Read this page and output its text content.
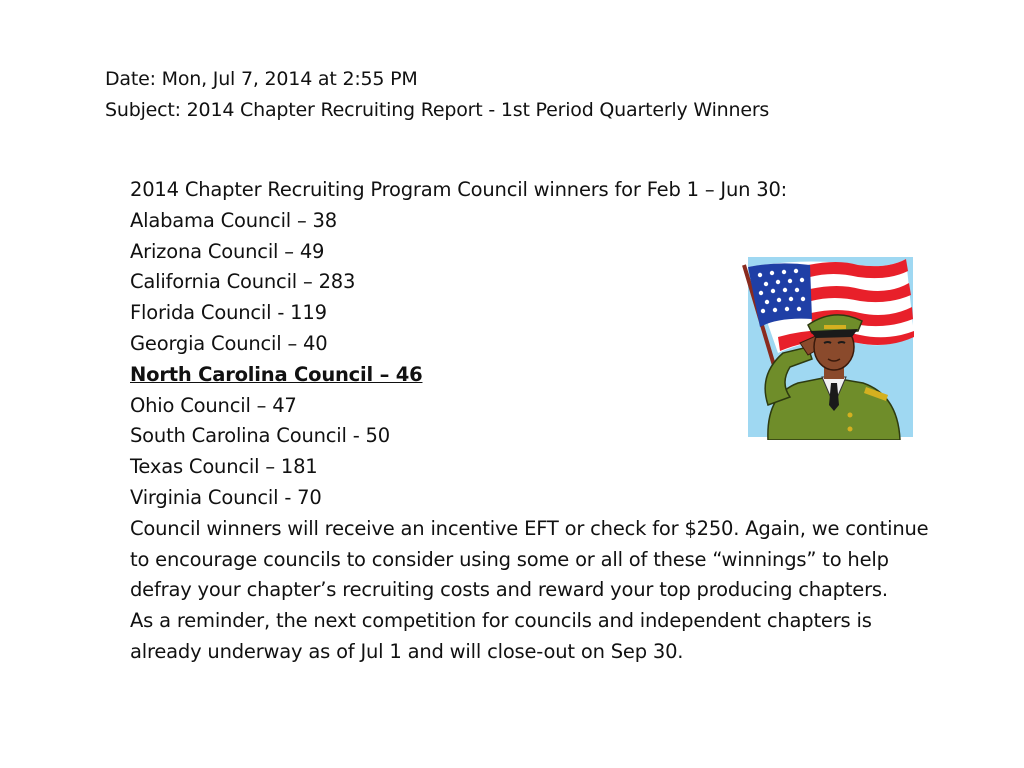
Date: Mon, Jul 7, 2014 at 2:55 PM
Subject: 2014 Chapter Recruiting Report - 1st Period Quarterly Winners
2014 Chapter Recruiting Program Council winners for Feb 1 – Jun 30:
Alabama Council – 38
Arizona Council – 49
California Council – 283
Florida Council - 119
Georgia Council – 40
North Carolina Council – 46
Ohio Council – 47
South Carolina Council - 50
Texas Council – 181
Virginia Council - 70
Council winners will receive an incentive EFT or check for $250. Again, we continue to encourage councils to consider using some or all of these “winnings” to help defray your chapter’s recruiting costs and reward your top producing chapters.
As a reminder, the next competition for councils and independent chapters is already underway as of Jul 1 and will close-out on Sep 30.
